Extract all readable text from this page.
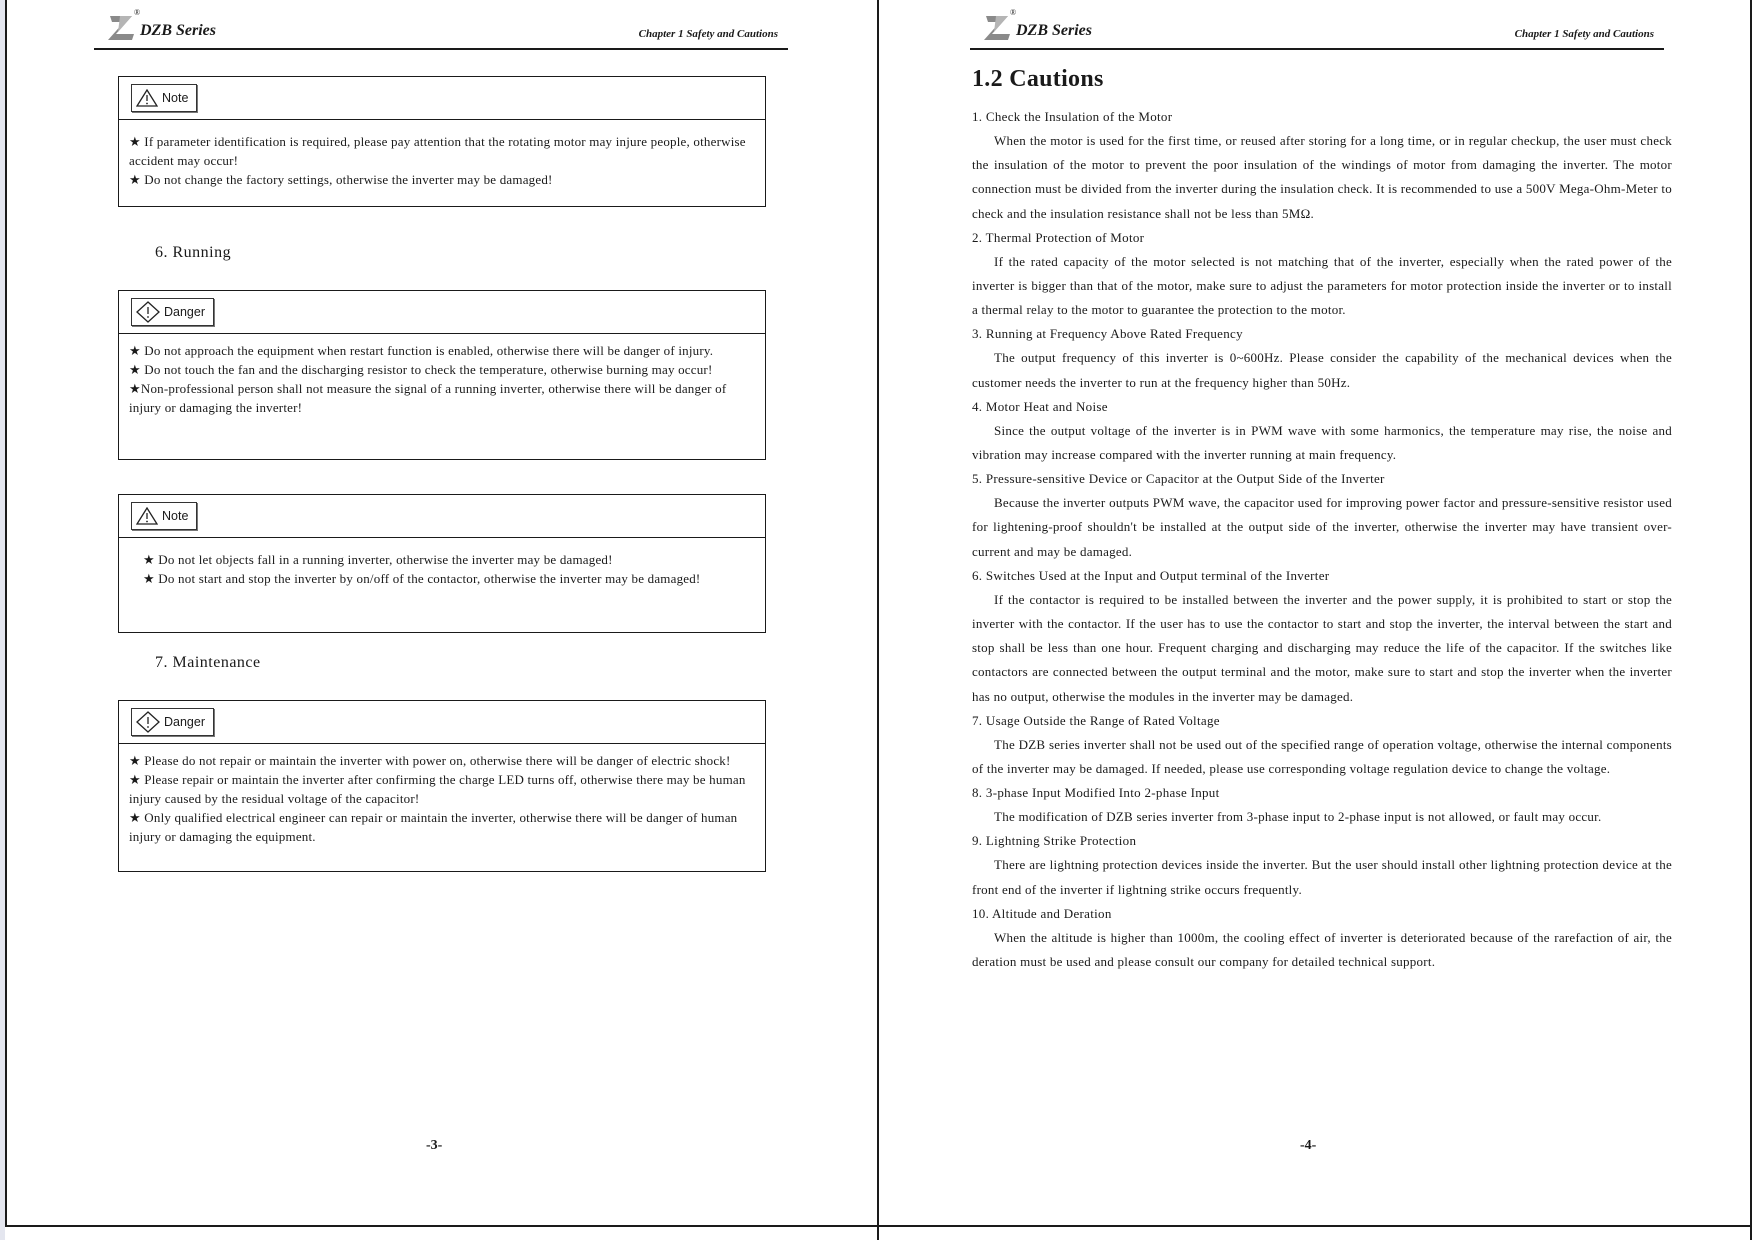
®
DZB Series	Chapter 1 Safety and Cautions
Note

★ If parameter identification is required, please pay attention that the rotating motor may injure people, otherwise accident may occur!

★ Do not change the factory settings, otherwise the inverter may be damaged!

6. Running
Danger

★ Do not approach the equipment when restart function is enabled, otherwise there will be danger of injury.

★ Do not touch the fan and the discharging resistor to check the temperature, otherwise burning may occur!

★Non-professional person shall not measure the signal of a running inverter, otherwise there will be danger of injury or damaging the inverter!

Note

★ Do not let objects fall in a running inverter, otherwise the inverter may be damaged!

★ Do not start and stop the inverter by on/off of the contactor, otherwise the inverter may be damaged!

7. Maintenance
Danger

★ Please do not repair or maintain the inverter with power on, otherwise there will be danger of electric shock!

★ Please repair or maintain the inverter after confirming the charge LED turns off, otherwise there may be human injury caused by the residual voltage of the capacitor!

★ Only qualified electrical engineer can repair or maintain the inverter, otherwise there will be danger of human injury or damaging the equipment.

-3-
®
DZB Series	Chapter 1 Safety and Cautions
1.2 Cautions

1. Check the Insulation of the Motor

When the motor is used for the first time, or reused after storing for a long time, or in regular checkup, the user must check the insulation of the motor to prevent the poor insulation of the windings of motor from damaging the inverter. The motor connection must be divided from the inverter during the insulation check. It is recommended to use a 500V Mega-Ohm-Meter to check and the insulation resistance shall not be less than 5MΩ.

2. Thermal Protection of Motor

If the rated capacity of the motor selected is not matching that of the inverter, especially when the rated power of the inverter is bigger than that of the motor, make sure to adjust the parameters for motor protection inside the inverter or to install a thermal relay to the motor to guarantee the protection to the motor.

3. Running at Frequency Above Rated Frequency

The output frequency of this inverter is 0~600Hz. Please consider the capability of the mechanical devices when the customer needs the inverter to run at the frequency higher than 50Hz.

4. Motor Heat and Noise

Since the output voltage of the inverter is in PWM wave with some harmonics, the temperature may rise, the noise and vibration may increase compared with the inverter running at main frequency.

5. Pressure-sensitive Device or Capacitor at the Output Side of the Inverter

Because the inverter outputs PWM wave, the capacitor used for improving power factor and pressure-sensitive resistor used for lightening-proof shouldn't be installed at the output side of the inverter, otherwise the inverter may have transient over-current and may be damaged.

6. Switches Used at the Input and Output terminal of the Inverter

If the contactor is required to be installed between the inverter and the power supply, it is prohibited to start or stop the inverter with the contactor. If the user has to use the contactor to start and stop the inverter, the interval between the start and stop shall be less than one hour. Frequent charging and discharging may reduce the life of the capacitor. If the switches like contactors are connected between the output terminal and the motor, make sure to start and stop the inverter when the inverter has no output, otherwise the modules in the inverter may be damaged.

7. Usage Outside the Range of Rated Voltage

The DZB series inverter shall not be used out of the specified range of operation voltage, otherwise the internal components of the inverter may be damaged. If needed, please use corresponding voltage regulation device to change the voltage.

8. 3-phase Input Modified Into 2-phase Input

The modification of DZB series inverter from 3-phase input to 2-phase input is not allowed, or fault may occur.

9. Lightning Strike Protection

There are lightning protection devices inside the inverter. But the user should install other lightning protection device at the front end of the inverter if lightning strike occurs frequently.

10. Altitude and Deration

When the altitude is higher than 1000m, the cooling effect of inverter is deteriorated because of the rarefaction of air, the deration must be used and please consult our company for detailed technical support.

-4-
